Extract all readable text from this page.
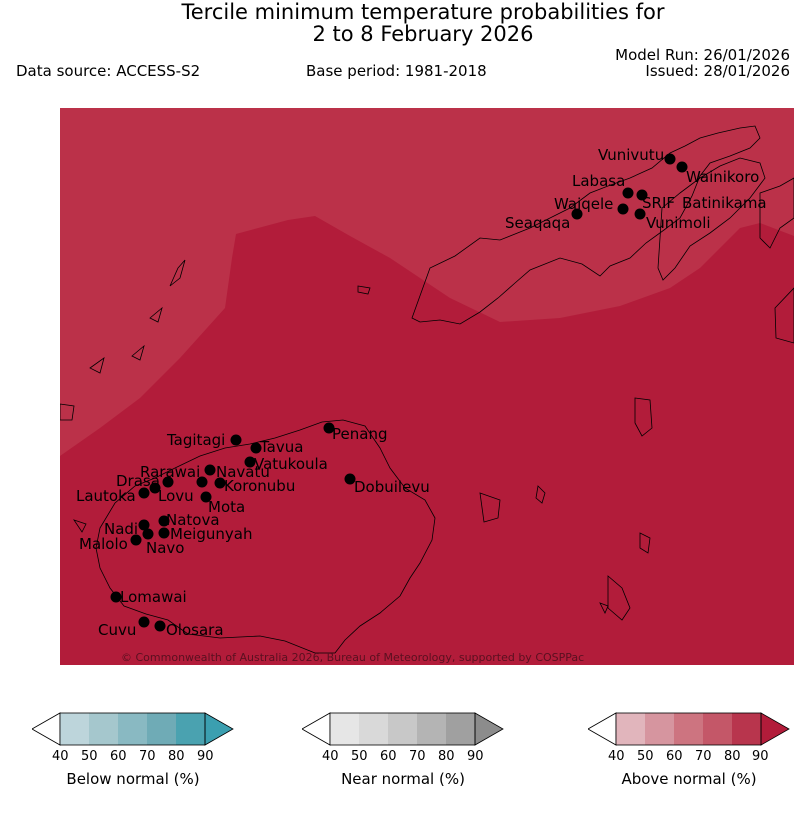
Tercile minimum temperature probabilities for
2 to 8 February 2026
Data source: ACCESS-S2	Base period: 1981-2018
Model Run: 26/01/2026
Issued: 28/01/2026
Vunivutu
Wainikoro
Labasa
SRIF Batinikama
Waiqele
Seaqaqa	Vunimoli
Penang
Tagitagi Tavua
Vatukoula
Rarawai Navatu
Drasa	Koronubu
Lautoka Lovu
Mota
Dobuilevu
Nadi Natova
Meigunyah
Malolo Navo
Lomawai
Cuvu Olosara
© Commonwealth of Australia 2026, Bureau of Meteorology, supported by COSPPac
40 50 60 70 80 90	40 50 60 70 80 90	40 50 60 70 80 90
Below normal (%)	Near normal (%)	Above normal (%)
